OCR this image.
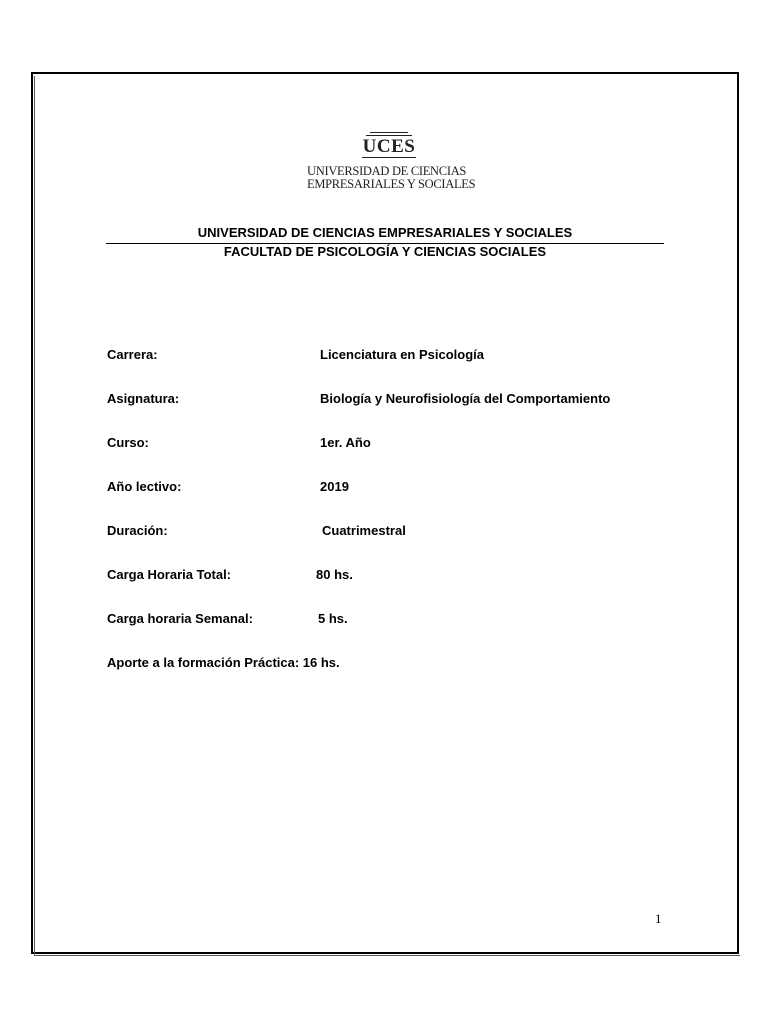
UCES
UNIVERSIDAD DE CIENCIAS
EMPRESARIALES Y SOCIALES
UNIVERSIDAD DE CIENCIAS EMPRESARIALES Y SOCIALES
FACULTAD DE PSICOLOGÍA Y CIENCIAS SOCIALES
Carrera:	Licenciatura en Psicología
Asignatura:	Biología y Neurofisiología del Comportamiento
Curso:	1er. Año
Año lectivo:	2019
Duración:	Cuatrimestral
Carga Horaria Total:	80 hs.
Carga horaria Semanal:	5 hs.
Aporte a la formación Práctica: 16 hs.
1
